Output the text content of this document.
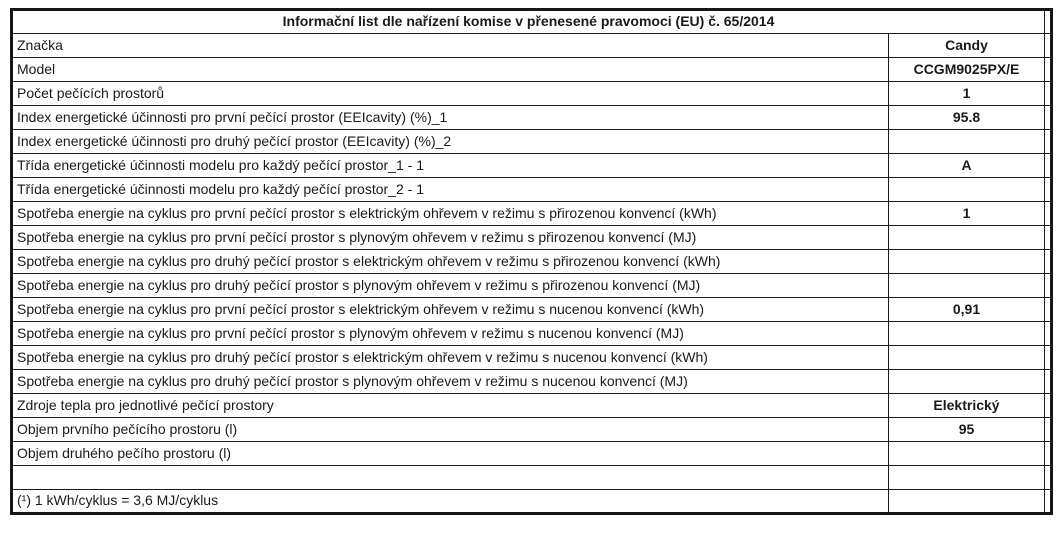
Informační list dle nařízení komise v přenesené pravomoci (EU) č. 65/2014		
Značka	Candy	
Model	CCGM9025PX/E	
Počet pečících prostorů	1	
Index energetické účinnosti pro první pečící prostor (EEIcavity) (%)_1	95.8	
Index energetické účinnosti pro druhý pečící prostor (EEIcavity) (%)_2		
Třída energetické účinnosti modelu pro každý pečící prostor_1 - 1	A	
Třída energetické účinnosti modelu pro každý pečící prostor_2 - 1		
Spotřeba energie na cyklus pro první pečící prostor s elektrickým ohřevem v režimu s přirozenou konvencí (kWh)	1	
Spotřeba energie na cyklus pro první pečící prostor s plynovým ohřevem v režimu s přirozenou konvencí (MJ)		
Spotřeba energie na cyklus pro druhý pečící prostor s elektrickým ohřevem v režimu s přirozenou konvencí (kWh)		
Spotřeba energie na cyklus pro druhý pečící prostor s plynovým ohřevem v režimu s přirozenou konvencí (MJ)		
Spotřeba energie na cyklus pro první pečící prostor s elektrickým ohřevem v režimu s nucenou konvencí (kWh)	0,91	
Spotřeba energie na cyklus pro první pečící prostor s plynovým ohřevem v režimu s nucenou konvencí (MJ)		
Spotřeba energie na cyklus pro druhý pečící prostor s elektrickým ohřevem v režimu s nucenou konvencí (kWh)		
Spotřeba energie na cyklus pro druhý pečící prostor s plynovým ohřevem v režimu s nucenou konvencí (MJ)		
Zdroje tepla pro jednotlivé pečící prostory	Elektrický	
Objem prvního pečícího prostoru (l)	95	
Objem druhého pečího prostoru (l)		

(¹) 1 kWh/cyklus = 3,6 MJ/cyklus		
